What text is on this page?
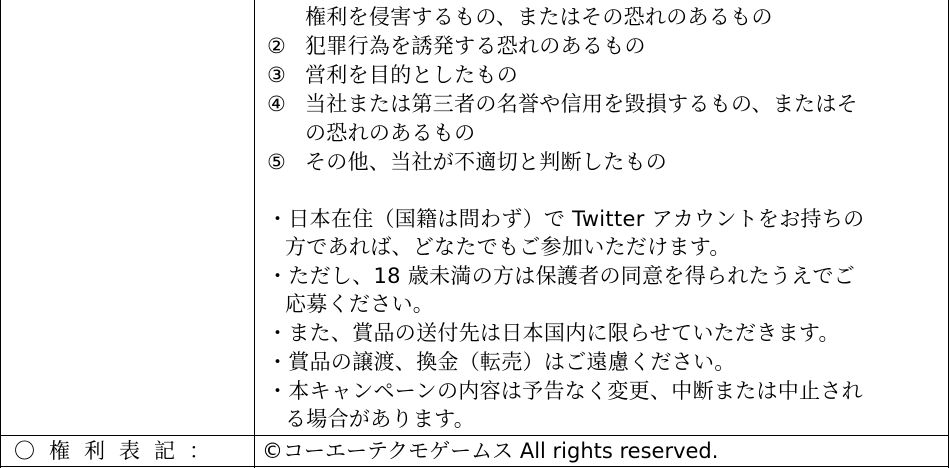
権利を侵害するもの、またはその恐れのあるもの
② 犯罪行為を誘発する恐れのあるもの
③ 営利を目的としたもの
④ 当社または第三者の名誉や信用を毀損するもの、またはそ
の恐れのあるもの
⑤ その他、当社が不適切と判断したもの
・日本在住（国籍は問わず）で Twitter アカウントをお持ちの
方であれば、どなたでもご参加いただけます。
・ただし、18 歳未満の方は保護者の同意を得られたうえでご
応募ください。
・また、賞品の送付先は日本国内に限らせていただきます。
・賞品の譲渡、換金（転売）はご遠慮ください。
・本キャンペーンの内容は予告なく変更、中断または中止され
る場合があります。
〇権利表記： ©コーエーテクモゲームス All rights reserved.
